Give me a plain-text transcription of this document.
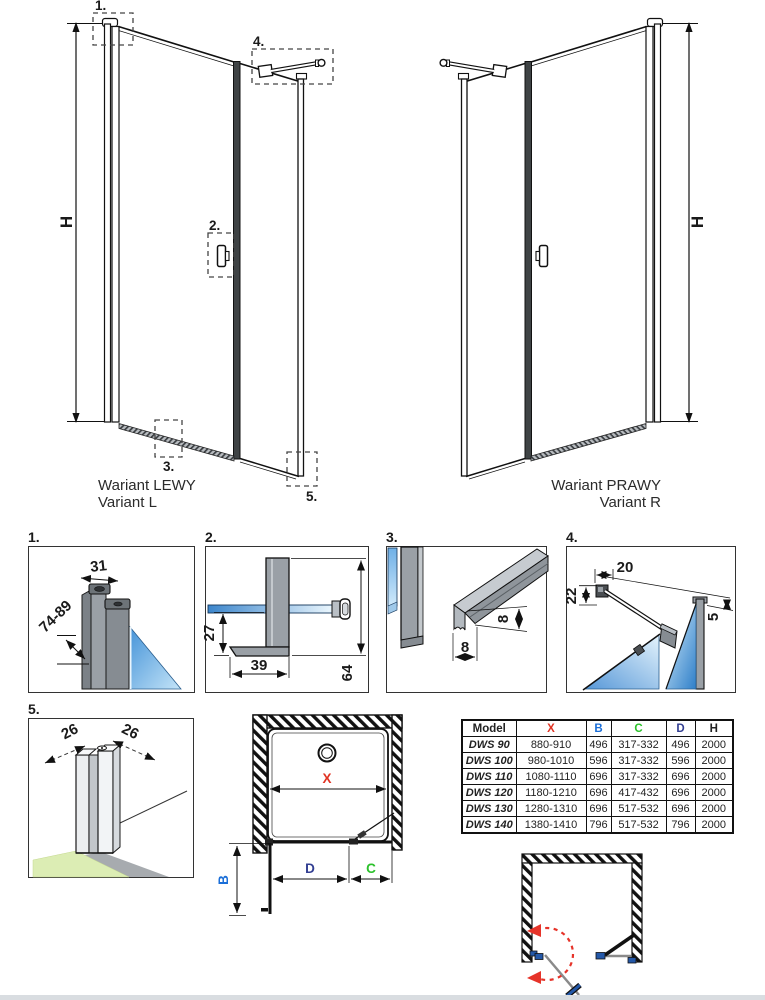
H
1.
2.
3.
4.
5.
Wariant LEWY
Variant L
H
Wariant PRAWY
Variant R
1.
31
74-89
2.
27
39	64
3.
8
8
4.
20
22
5
5.
26	26
B
D	C
X
Model	X	B	C	D	H
DWS 90	880-910	496	317-332	496	2000
DWS 100	980-1010	596	317-332	596	2000
DWS 110	1080-1110	696	317-332	696	2000
DWS 120	1180-1210	696	417-432	696	2000
DWS 130	1280-1310	696	517-532	696	2000
DWS 140	1380-1410	796	517-532	796	2000
